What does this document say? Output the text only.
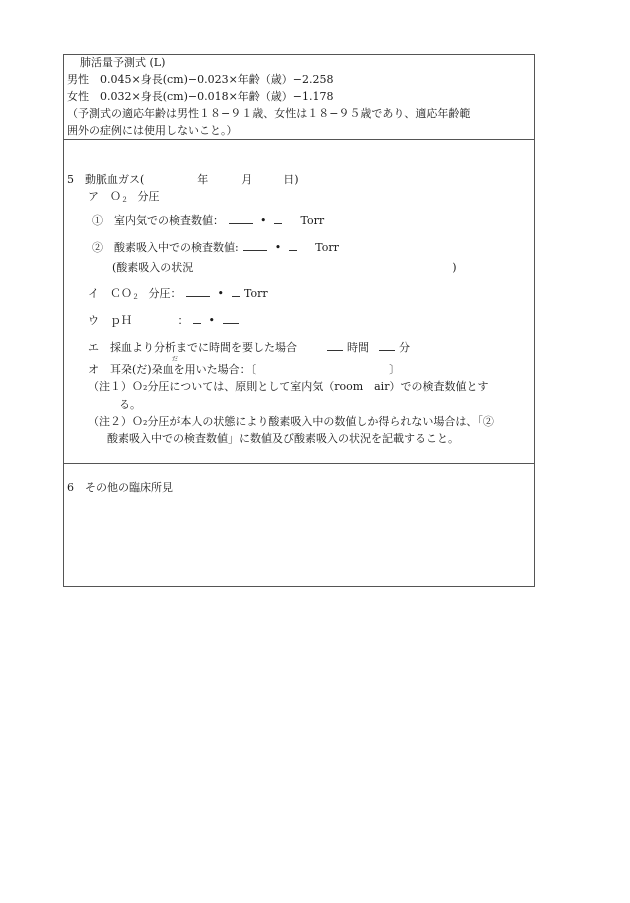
肺活量予測式 (L)
男性　0.045×身長(cm)−0.023×年齢（歳）−2.258
女性　0.032×身長(cm)−0.018×年齢（歳）−1.178
（予測式の適応年齢は男性１８−９１歳、女性は１８−９５歳であり、適応年齢範
囲外の症例には使用しないこと。）
5　動脈血ガス(	年	月	日)
ア　Ｏ$_2$ 分圧
①　室内気での検査数値：	•	Torr
②　酸素吸入中での検査数値:	•	Torr
(酸素吸入の状況	)
イ　ＣＯ$_2$ 分圧：	• Torr
ウ　ｐＨ	： •
エ　採血より分析までに時間を要した場合	時間	分
だ
オ　耳朶(だ)朶血を用いた場合：〔	〕
（注１）Ｏ₂分圧については、原則として室内気（room　air）での検査数値とす
る。
（注２）Ｏ₂分圧が本人の状態により酸素吸入中の数値しか得られない場合は、「②
酸素吸入中での検査数値」に数値及び酸素吸入の状況を記載すること。
6　その他の臨床所見
